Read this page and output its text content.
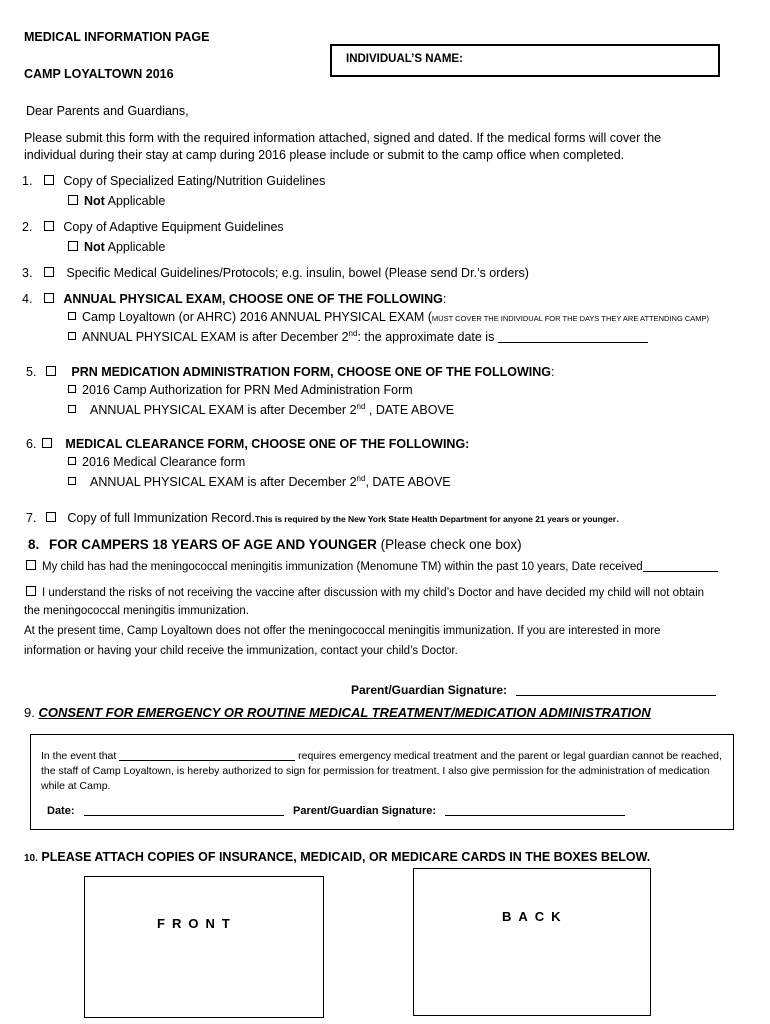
MEDICAL INFORMATION PAGE
INDIVIDUAL’S NAME:
CAMP LOYALTOWN 2016
Dear Parents and Guardians,
Please submit this form with the required information attached, signed and dated. If the medical forms will cover the
individual during their stay at camp during 2016 please include or submit to the camp office when completed.
1. Copy of Specialized Eating/Nutrition Guidelines
Not Applicable
2. Copy of Adaptive Equipment Guidelines
Not Applicable
3.	Specific Medical Guidelines/Protocols; e.g. insulin, bowel (Please send Dr.’s orders)
4. ANNUAL PHYSICAL EXAM, CHOOSE ONE OF THE FOLLOWING:
Camp Loyaltown (or AHRC) 2016 ANNUAL PHYSICAL EXAM (MUST COVER THE INDIVIDUAL FOR THE DAYS THEY ARE ATTENDING CAMP)
ANNUAL PHYSICAL EXAM is after December 2nd: the approximate date is
5.	PRN MEDICATION ADMINISTRATION FORM, CHOOSE ONE OF THE FOLLOWING:
2016 Camp Authorization for PRN Med Administration Form
ANNUAL PHYSICAL EXAM is after December 2nd , DATE ABOVE
6. MEDICAL CLEARANCE FORM, CHOOSE ONE OF THE FOLLOWING:
2016 Medical Clearance form
ANNUAL PHYSICAL EXAM is after December 2nd, DATE ABOVE
7. Copy of full Immunization Record.This is required by the New York State Health Department for anyone 21 years or younger.
8. FOR CAMPERS 18 YEARS OF AGE AND YOUNGER (Please check one box)
My child has had the meningococcal meningitis immunization (Menomune TM) within the past 10 years, Date received
I understand the risks of not receiving the vaccine after discussion with my child’s Doctor and have decided my child will not obtain
the meningococcal meningitis immunization.
At the present time, Camp Loyaltown does not offer the meningococcal meningitis immunization. If you are interested in more
information or having your child receive the immunization, contact your child’s Doctor.
Parent/Guardian Signature:
9. CONSENT FOR EMERGENCY OR ROUTINE MEDICAL TREATMENT/MEDICATION ADMINISTRATION
In the event that	requires emergency medical treatment and the parent or legal guardian cannot be reached,
the staff of Camp Loyaltown, is hereby authorized to sign for permission for treatment. I also give permission for the administration of medication
while at Camp.
Date:	Parent/Guardian Signature:
10. PLEASE ATTACH COPIES OF INSURANCE, MEDICAID, OR MEDICARE CARDS IN THE BOXES BELOW.
FRONT	BACK
